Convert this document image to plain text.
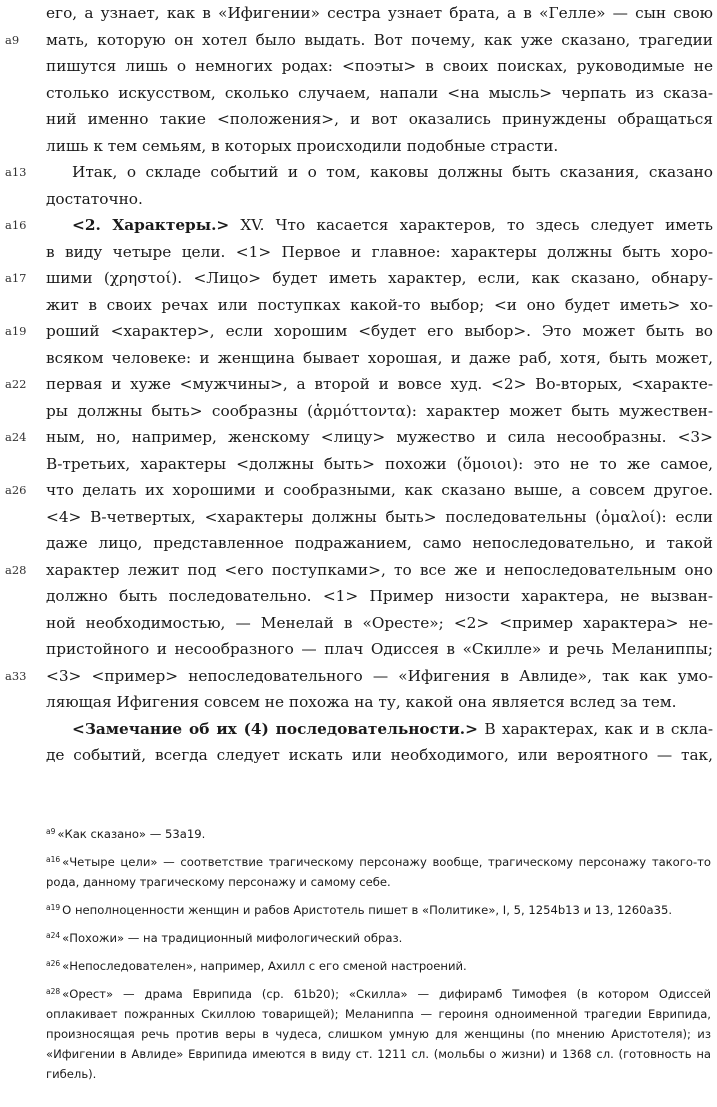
его, а узнает, как в «Ифигении» сестра узнает брата, а в «Гелле» — сын свою
мать, которую он хотел было выдать. Вот почему, как уже сказано, трагедии
пишутся лишь о немногих родах: <поэты> в своих поисках, руководимые не
столько искусством, сколько случаем, напали <на мысль> черпать из сказа-
ний именно такие <положения>, и вот оказались принуждены обращаться
лишь к тем семьям, в которых происходили подобные страсти.
Итак, о складе событий и о том, каковы должны быть сказания, сказано
достаточно.
<2. Характеры.> XV. Что касается характеров, то здесь следует иметь
в виду четыре цели. <1> Первое и главное: характеры должны быть хоро-
шими (χρηστοί). <Лицо> будет иметь характер, если, как сказано, обнару-
жит в своих речах или поступках какой-то выбор; <и оно будет иметь> хо-
роший <характер>, если хорошим <будет его выбор>. Это может быть во
всяком человеке: и женщина бывает хорошая, и даже раб, хотя, быть может,
первая и хуже <мужчины>, а второй и вовсе худ. <2> Во-вторых, <характе-
ры должны быть> сообразны (ἁρμόττοντα): характер может быть мужествен-
ным, но, например, женскому <лицу> мужество и сила несообразны. <3>
В-третьих, характеры <должны быть> похожи (ὅμοιοι): это не то же самое,
что делать их хорошими и сообразными, как сказано выше, а совсем другое.
<4> В-четвертых, <характеры должны быть> последовательны (ὁμαλοί): если
даже лицо, представленное подражанием, само непоследовательно, и такой
характер лежит под <его поступками>, то все же и непоследовательным оно
должно быть последовательно. <1> Пример низости характера, не вызван-
ной необходимостью, — Менелай в «Оресте»; <2> <пример характера> не-
пристойного и несообразного — плач Одиссея в «Скилле» и речь Меланиппы;
<3> <пример> непоследовательного — «Ифигения в Авлиде», так как умо-
ляющая Ифигения совсем не похожа на ту, какой она является вслед за тем.
<Замечание об их (4) последовательности.> В характерах, как и в скла-
де событий, всегда следует искать или необходимого, или вероятного — так,
a9
a13
a16
a17
a19
a22
a24
a26
a28
a33
$^{a9}$ «Как сказано» — 53а19.
$^{a16}$ «Четыре цели» — соответствие трагическому персонажу вообще, трагическому персонажу такого-то рода, данному трагическому персонажу и самому себе.
$^{a19}$ О неполноценности женщин и рабов Аристотель пишет в «Политике», I, 5, 1254b13 и 13, 1260а35.
$^{a24}$ «Похожи» — на традиционный мифологический образ.
$^{a26}$ «Непоследователен», например, Ахилл с его сменой настроений.
$^{a28}$ «Орест» — драма Еврипида (ср. 61b20); «Скилла» — дифирамб Тимофея (в котором Одиссей оплакивает пожранных Скиллою товарищей); Меланиппа — героиня одноименной трагедии Еврипида, произносящая речь против веры в чудеса, слишком умную для женщины (по мнению Аристотеля); из «Ифигении в Авлиде» Еврипида имеются в виду ст. 1211 сл. (мольбы о жизни) и 1368 сл. (готовность на гибель).
